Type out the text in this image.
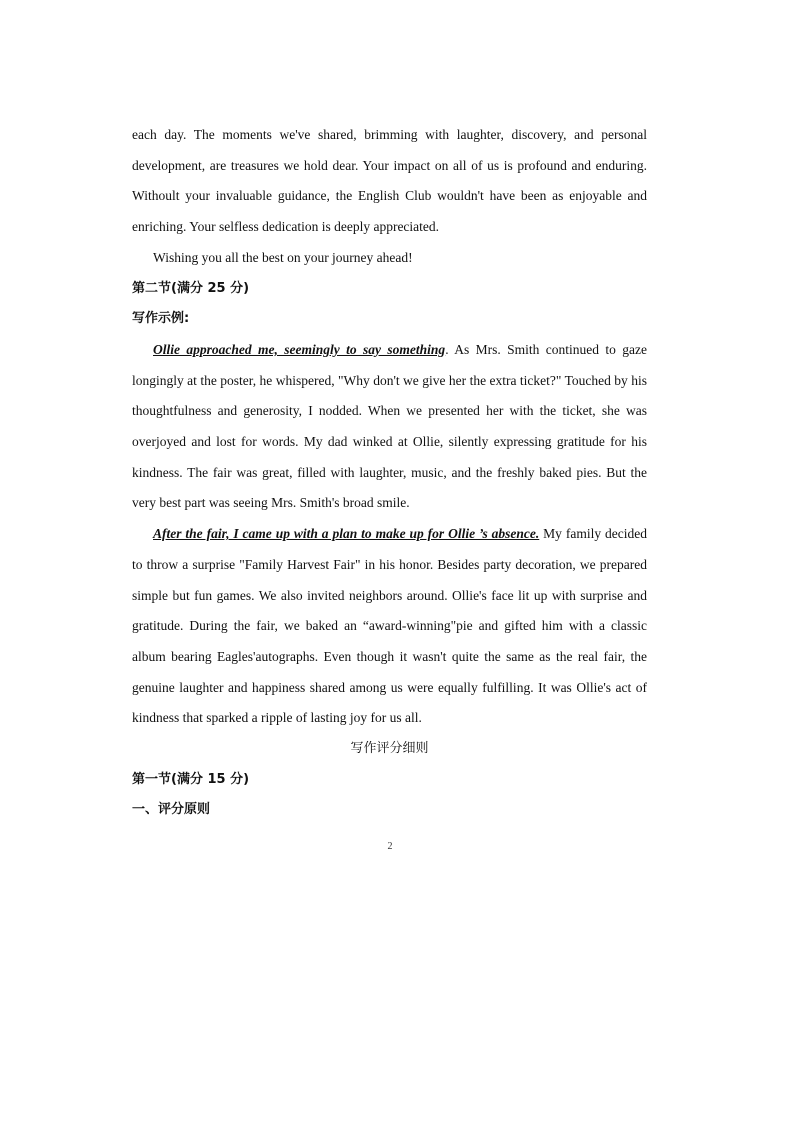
each day. The moments we've shared, brimming with laughter, discovery, and personal development, are treasures we hold dear. Your impact on all of us is profound and enduring. Withoult your invaluable guidance, the English Club wouldn't have been as enjoyable and enriching. Your selfless dedication is deeply appreciated.

Wishing you all the best on your journey ahead!

第二节(满分 25 分)

写作示例:

Ollie approached me, seemingly to say something. As Mrs. Smith continued to gaze longingly at the poster, he whispered, "Why don't we give her the extra ticket?" Touched by his thoughtfulness and generosity, I nodded. When we presented her with the ticket, she was overjoyed and lost for words. My dad winked at Ollie, silently expressing gratitude for his kindness. The fair was great, filled with laughter, music, and the freshly baked pies. But the very best part was seeing Mrs. Smith's broad smile.

After the fair, I came up with a plan to make up for Ollie ’s absence. My family decided to throw a surprise "Family Harvest Fair" in his honor. Besides party decoration, we prepared simple but fun games. We also invited neighbors around. Ollie's face lit up with surprise and gratitude. During the fair, we baked an “award-winning"pie and gifted him with a classic album bearing Eagles'autographs. Even though it wasn't quite the same as the real fair, the genuine laughter and happiness shared among us were equally fulfilling. It was Ollie's act of kindness that sparked a ripple of lasting joy for us all.

写作评分细则

第一节(满分 15 分)

一、评分原则

2
